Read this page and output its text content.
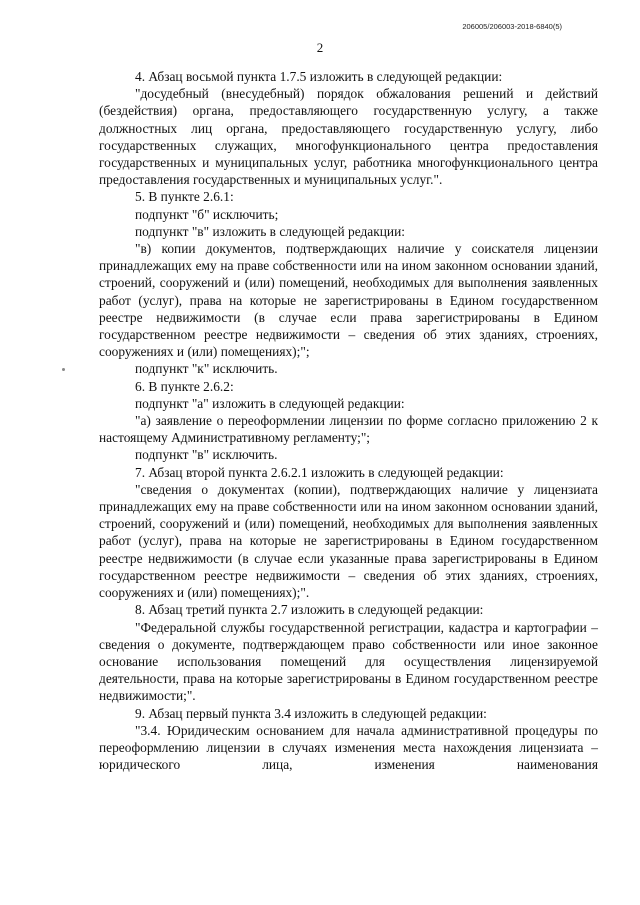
206005/206003-2018-6840(5)
2

4. Абзац восьмой пункта 1.7.5 изложить в следующей редакции:

"досудебный (внесудебный) порядок обжалования решений и действий (бездействия) органа, предоставляющего государственную услугу, а также должностных лиц органа, предоставляющего государственную услугу, либо государственных служащих, многофункционального центра предоставления государственных и муниципальных услуг, работника многофункционального центра предоставления государственных и муниципальных услуг.".

5. В пункте 2.6.1:

подпункт "б" исключить;

подпункт "в" изложить в следующей редакции:

"в) копии документов, подтверждающих наличие у соискателя лицензии принадлежащих ему на праве собственности или на ином законном основании зданий, строений, сооружений и (или) помещений, необходимых для выполнения заявленных работ (услуг), права на которые не зарегистрированы в Едином государственном реестре недвижимости (в случае если права зарегистрированы в Едином государственном реестре недвижимости – сведения об этих зданиях, строениях, сооружениях и (или) помещениях);";

подпункт "к" исключить.

6. В пункте 2.6.2:

подпункт "а" изложить в следующей редакции:

"а) заявление о переоформлении лицензии по форме согласно приложению 2 к настоящему Административному регламенту;";

подпункт "в" исключить.

7. Абзац второй пункта 2.6.2.1 изложить в следующей редакции:

"сведения о документах (копии), подтверждающих наличие у лицензиата принадлежащих ему на праве собственности или на ином законном основании зданий, строений, сооружений и (или) помещений, необходимых для выполнения заявленных работ (услуг), права на которые не зарегистрированы в Едином государственном реестре недвижимости (в случае если указанные права зарегистрированы в Едином государственном реестре недвижимости – сведения об этих зданиях, строениях, сооружениях и (или) помещениях);".

8. Абзац третий пункта 2.7 изложить в следующей редакции:

"Федеральной службы государственной регистрации, кадастра и картографии – сведения о документе, подтверждающем право собственности или иное законное основание использования помещений для осуществления лицензируемой деятельности, права на которые зарегистрированы в Едином государственном реестре недвижимости;".

9. Абзац первый пункта 3.4 изложить в следующей редакции:

"3.4. Юридическим основанием для начала административной процедуры по переоформлению лицензии в случаях изменения места нахождения лицензиата – юридического лица, изменения наименования
